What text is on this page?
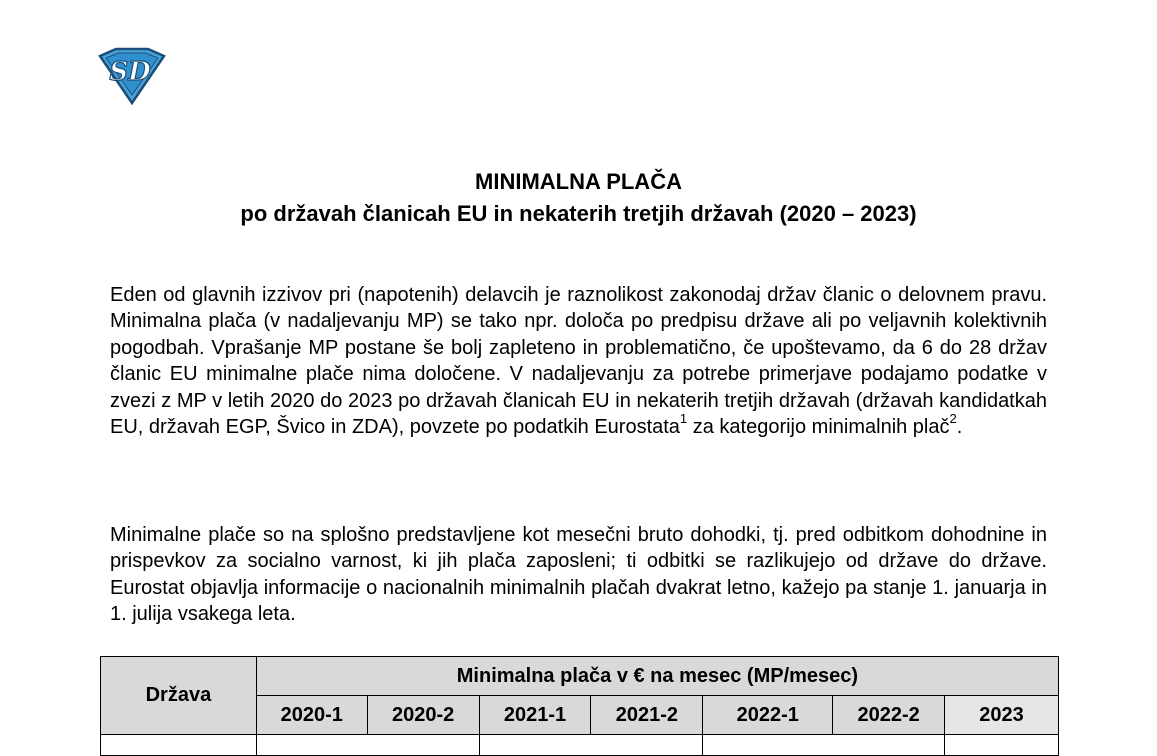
SD
MINIMALNA PLAČA
po državah članicah EU in nekaterih tretjih državah (2020 – 2023)

Eden od glavnih izzivov pri (napotenih) delavcih je raznolikost zakonodaj držav članic o delovnem pravu. Minimalna plača (v nadaljevanju MP) se tako npr. določa po predpisu države ali po veljavnih kolektivnih pogodbah. Vprašanje MP postane še bolj zapleteno in problematično, če upoštevamo, da 6 do 28 držav članic EU minimalne plače nima določene. V nadaljevanju za potrebe primerjave podajamo podatke v zvezi z MP v letih 2020 do 2023 po državah članicah EU in nekaterih tretjih državah (državah kandidatkah EU, državah EGP, Švico in ZDA), povzete po podatkih Eurostata$^1$ za kategorijo minimalnih plač$^2$.

Minimalne plače so na splošno predstavljene kot mesečni bruto dohodki, tj. pred odbitkom dohodnine in prispevkov za socialno varnost, ki jih plača zaposleni; ti odbitki se razlikujejo od države do države. Eurostat objavlja informacije o nacionalnih minimalnih plačah dvakrat letno, kažejo pa stanje 1. januarja in 1. julija vsakega leta.

Država	Minimalna plača v € na mesec (MP/mesec)						
	2020-1	2020-2	2021-1	2021-2	2022-1	2022-2	2023
